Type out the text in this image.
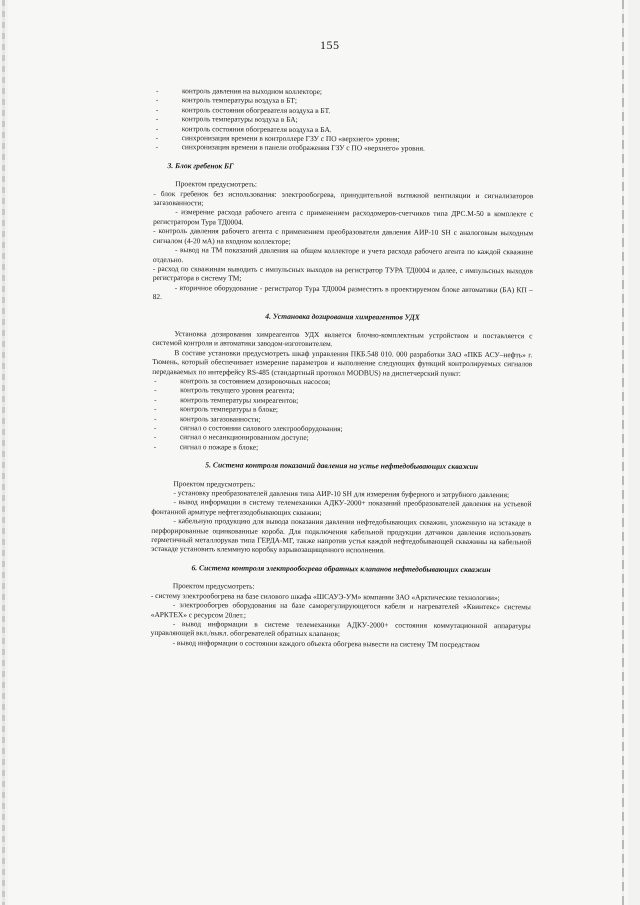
155

-	контроль давления на выходном коллекторе;

-	контроль температуры воздуха в БТ;

-	контроль состояния обогревателя воздуха в БТ.

-	контроль температуры воздуха в БА;

-	контроль состояния обогревателя воздуха в БА.

-	синхронизация времени в контроллере ГЗУ с ПО «верхнего» уровня;

-	синхронизация времени в панели отображения ГЗУ с ПО «верхнего» уровня.

3. Блок гребенок БГ

Проектом предусмотреть:

- блок гребенок без использования: электрообогрева, принудительной вытяжной вентиляции и сигнализаторов загазованности;

- измерение расхода рабочего агента с применением расходомеров-счетчиков типа ДРС.М-50 в комплекте с регистратором Тура ТД0004.

- контроль давления рабочего агента с применением преобразователя давления АИР-10 SH с аналоговым выходным сигналом (4-20 мА) на входном коллекторе;

- вывод на ТМ показаний давления на общем коллекторе и учета расхода рабочего агента по каждой скважине отдельно.

- расход по скважинам выводить с импульсных выходов на регистратор ТУРА ТД0004 и далее, с импульсных выходов регистратора в систему ТМ;

- вторичное оборудование - регистратор Тура ТД0004 разместить в проектируемом блоке автоматики (БА) КП – 82.

4. Установка дозирования химреагентов УДХ

Установка дозирования химреагентов УДХ является блочно-комплектным устройством и поставляется с системой контроля и автоматики заводом-изготовителем.

В составе установки предусмотреть шкаф управления ПКБ.548 010. 000 разработки ЗАО «ПКБ АСУ–нефть» г. Тюмень, который обеспечивает измерение параметров и выполнение следующих функций контролируемых сигналов передаваемых по интерфейсу RS-485 (стандартный протокол MODBUS) на диспетчерский пункт:

-	контроль за состоянием дозировочных насосов;

-	контроль текущего уровня реагента;

-	контроль температуры химреагентов;

-	контроль температуры в блоке;

-	контроль загазованности;

-	сигнал о состоянии силового электрооборудования;

-	сигнал о несанкционированном доступе;

-	сигнал о пожаре в блоке;

5. Система контроля показаний давления на устье нефтедобывающих скважин

Проектом предусмотреть:

- установку преобразователей давления типа АИР-10 SH для измерения буферного и затрубного давления;

- вывод информации в систему телемеханики АДКУ-2000+ показаний преобразователей давления на устьевой фонтанной арматуре нефтегазодобывающих скважин;

- кабельную продукцию для вывода показания давления нефтедобывающих скважин, уложенную на эстакаде в перфорированные оцинкованные короба. Для подключения кабельной продукции датчиков давления использовать герметичный металлорукав типа ГЕРДА-МГ, также напротив устья каждой нефтедобывающей скважины на кабельной эстакаде установить клеммную коробку взрывозащищенного исполнения.

6. Система контроля электрообогрева обратных клапанов нефтедобывающих скважин

Проектом предусмотреть:

- систему электрообогрева на базе силового шкафа «ШСАУЭ-УМ» компании ЗАО «Арктические технологии»;

- электрообогрев оборудования на базе саморегулирующегося кабеля и нагревателей «Квинтекс» системы «АРКТЕХ» с ресурсом 20лет.;

- вывод информации в системе телемеханики АДКУ-2000+ состояния коммутационной аппаратуры управляющей вкл./выкл. обогревателей обратных клапанов;

- вывод информации о состоянии каждого объекта обогрева вывести на систему ТМ посредством
